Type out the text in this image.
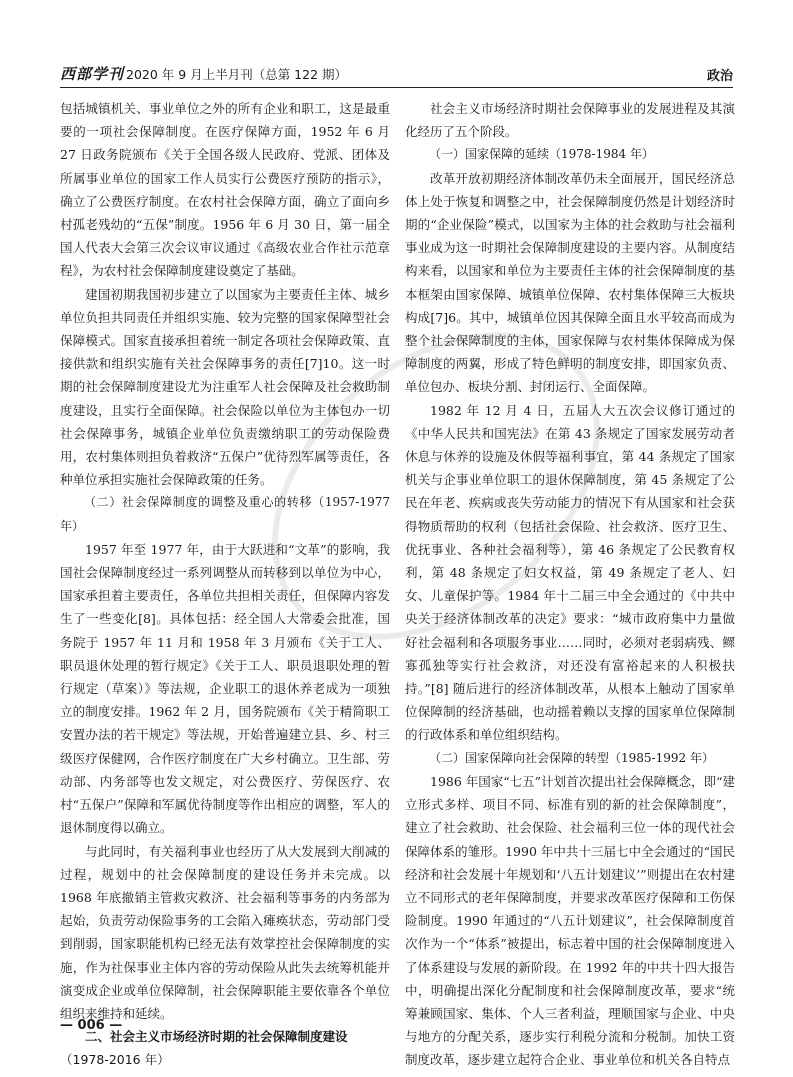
西部学刊 2020 年 9 月上半月刊（总第 122 期）	政治

包括城镇机关、事业单位之外的所有企业和职工，这是最重要的一项社会保障制度。在医疗保障方面，1952 年 6 月 27 日政务院颁布《关于全国各级人民政府、党派、团体及所属事业单位的国家工作人员实行公费医疗预防的指示》，确立了公费医疗制度。在农村社会保障方面，确立了面向乡村孤老残幼的“五保”制度。1956 年 6 月 30 日，第一届全国人代表大会第三次会议审议通过《高级农业合作社示范章程》，为农村社会保障制度建设奠定了基础。

建国初期我国初步建立了以国家为主要责任主体、城乡单位负担共同责任并组织实施、较为完整的国家保障型社会保障模式。国家直接承担着统一制定各项社会保障政策、直接供款和组织实施有关社会保障事务的责任[7]10。这一时期的社会保障制度建设尤为注重军人社会保障及社会救助制度建设，且实行全面保障。社会保险以单位为主体包办一切社会保障事务，城镇企业单位负责缴纳职工的劳动保险费用，农村集体则担负着救济“五保户”优待烈军属等责任，各种单位承担实施社会保障政策的任务。

（二）社会保障制度的调整及重心的转移（1957-1977 年）

1957 年至 1977 年，由于大跃进和“文革”的影响，我国社会保障制度经过一系列调整从而转移到以单位为中心，国家承担着主要责任，各单位共担相关责任，但保障内容发生了一些变化[8]。具体包括：经全国人大常委会批准，国务院于 1957 年 11 月和 1958 年 3 月颁布《关于工人、职员退休处理的暂行规定》《关于工人、职员退职处理的暂行规定（草案）》等法规，企业职工的退休养老成为一项独立的制度安排。1962 年 2 月，国务院颁布《关于精简职工安置办法的若干规定》等法规，开始普遍建立县、乡、村三级医疗保健网，合作医疗制度在广大乡村确立。卫生部、劳动部、内务部等也发文规定，对公费医疗、劳保医疗、农村“五保户”保障和军属优待制度等作出相应的调整，军人的退休制度得以确立。

与此同时，有关福利事业也经历了从大发展到大削减的过程，规划中的社会保障制度的建设任务并未完成。以 1968 年底撤销主管救灾救济、社会福利等事务的内务部为起始，负责劳动保险事务的工会陷入瘫痪状态，劳动部门受到削弱，国家职能机构已经无法有效掌控社会保障制度的实施，作为社保事业主体内容的劳动保险从此失去统筹机能并演变成企业或单位保障制，社会保障职能主要依靠各个单位组织来维持和延续。

二、社会主义市场经济时期的社会保障制度建设

（1978-2016 年）

社会主义市场经济时期社会保障事业的发展进程及其演化经历了五个阶段。

（一）国家保障的延续（1978-1984 年）

改革开放初期经济体制改革仍未全面展开，国民经济总体上处于恢复和调整之中，社会保障制度仍然是计划经济时期的“企业保险”模式，以国家为主体的社会救助与社会福利事业成为这一时期社会保障制度建设的主要内容。从制度结构来看，以国家和单位为主要责任主体的社会保障制度的基本框架由国家保障、城镇单位保障、农村集体保障三大板块构成[7]6。其中，城镇单位因其保障全面且水平较高而成为整个社会保障制度的主体，国家保障与农村集体保障成为保障制度的两翼，形成了特色鲜明的制度安排，即国家负责、单位包办、板块分割、封闭运行、全面保障。

1982 年 12 月 4 日，五届人大五次会议修订通过的《中华人民共和国宪法》在第 43 条规定了国家发展劳动者休息与休养的设施及休假等福利事宜，第 44 条规定了国家机关与企事业单位职工的退休保障制度，第 45 条规定了公民在年老、疾病或丧失劳动能力的情况下有从国家和社会获得物质帮助的权利（包括社会保险、社会救济、医疗卫生、优抚事业、各种社会福利等），第 46 条规定了公民教育权利，第 48 条规定了妇女权益，第 49 条规定了老人、妇女、儿童保护等。1984 年十二届三中全会通过的《中共中央关于经济体制改革的决定》要求：“城市政府集中力量做好社会福利和各项服务事业……同时，必须对老弱病残、鳏寡孤独等实行社会救济，对还没有富裕起来的人积极扶持。”[8] 随后进行的经济体制改革，从根本上触动了国家单位保障制的经济基础，也动摇着赖以支撑的国家单位保障制的行政体系和单位组织结构。

（二）国家保障向社会保障的转型（1985-1992 年）

1986 年国家“七五”计划首次提出社会保障概念，即“建立形式多样、项目不同、标准有别的新的社会保障制度”，建立了社会救助、社会保险、社会福利三位一体的现代社会保障体系的雏形。1990 年中共十三届七中全会通过的“国民经济和社会发展十年规划和‘八五计划建议’”则提出在农村建立不同形式的老年保障制度，并要求改革医疗保障和工伤保险制度。1990 年通过的“八五计划建议”，社会保障制度首次作为一个“体系”被提出，标志着中国的社会保障制度进入了体系建设与发展的新阶段。在 1992 年的中共十四大报告中，明确提出深化分配制度和社会保障制度改革，要求“统筹兼顾国家、集体、个人三者利益，理顺国家与企业、中央与地方的分配关系，逐步实行利税分流和分税制。加快工资制度改革，逐步建立起符合企业、事业单位和机关各自特点

— 006 —
